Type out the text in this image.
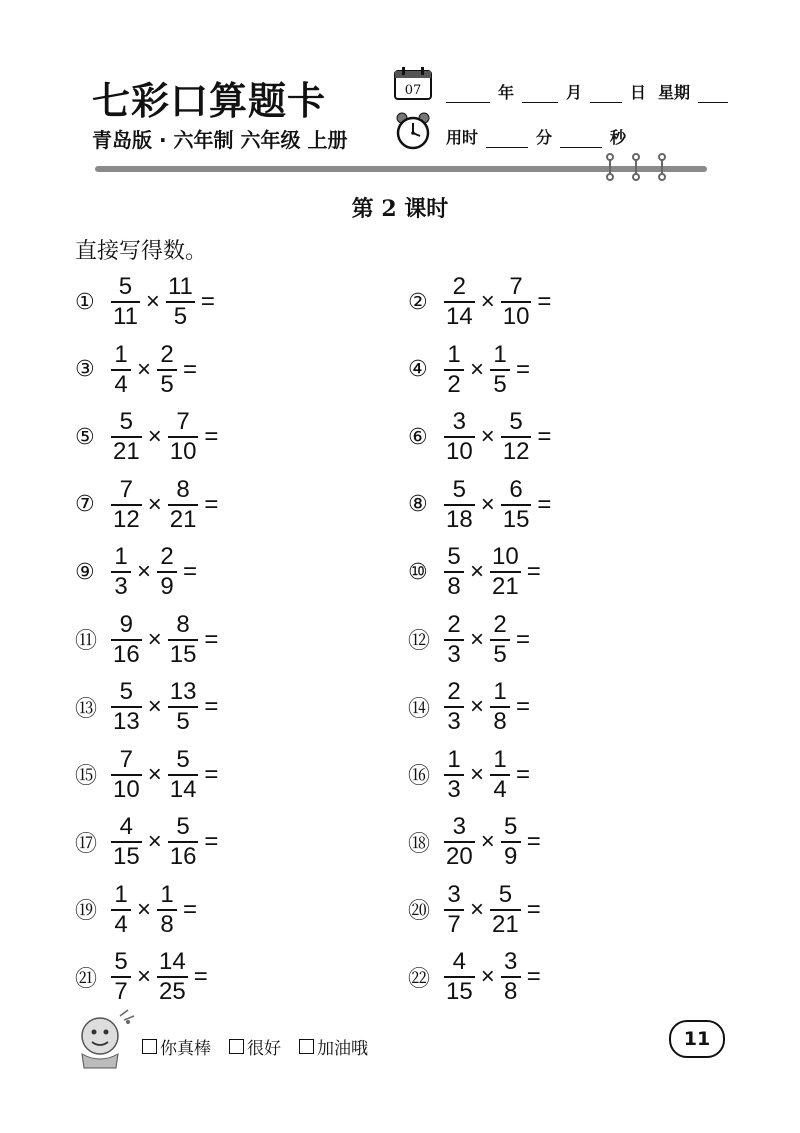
七彩口算题卡
青岛版 · 六年制 六年级 上册
07	年	月	日 星期
用时	分	秒
第 2 课时
直接写得数。
① $\frac{5}{11} \times \frac{11}{5}$ =	② $\frac{2}{14} \times \frac{7}{10}$ =
③ $\frac{1}{4} \times \frac{2}{5}$ =	④ $\frac{1}{2} \times \frac{1}{5}$ =
⑤ $\frac{5}{21} \times \frac{7}{10}$ =	⑥ $\frac{3}{10} \times \frac{5}{12}$ =
⑦ $\frac{7}{12} \times \frac{8}{21}$ =	⑧ $\frac{5}{18} \times \frac{6}{15}$ =
⑨ $\frac{1}{3} \times \frac{2}{9}$ =	⑩ $\frac{5}{8} \times \frac{10}{21}$ =
⑪ $\frac{9}{16} \times \frac{8}{15}$ =	⑫ $\frac{2}{3} \times \frac{2}{5}$ =
⑬ $\frac{5}{13} \times \frac{13}{5}$ =	⑭ $\frac{2}{3} \times \frac{1}{8}$ =
⑮ $\frac{7}{10} \times \frac{5}{14}$ =	⑯ $\frac{1}{3} \times \frac{1}{4}$ =
⑰ $\frac{4}{15} \times \frac{5}{16}$ =	⑱ $\frac{3}{20} \times \frac{5}{9}$ =
⑲ $\frac{1}{4} \times \frac{1}{8}$ =	⑳ $\frac{3}{7} \times \frac{5}{21}$ =
㉑ $\frac{5}{7} \times \frac{14}{25}$ =	㉒ $\frac{4}{15} \times \frac{3}{8}$ =
你真棒 很好 加油哦	11
